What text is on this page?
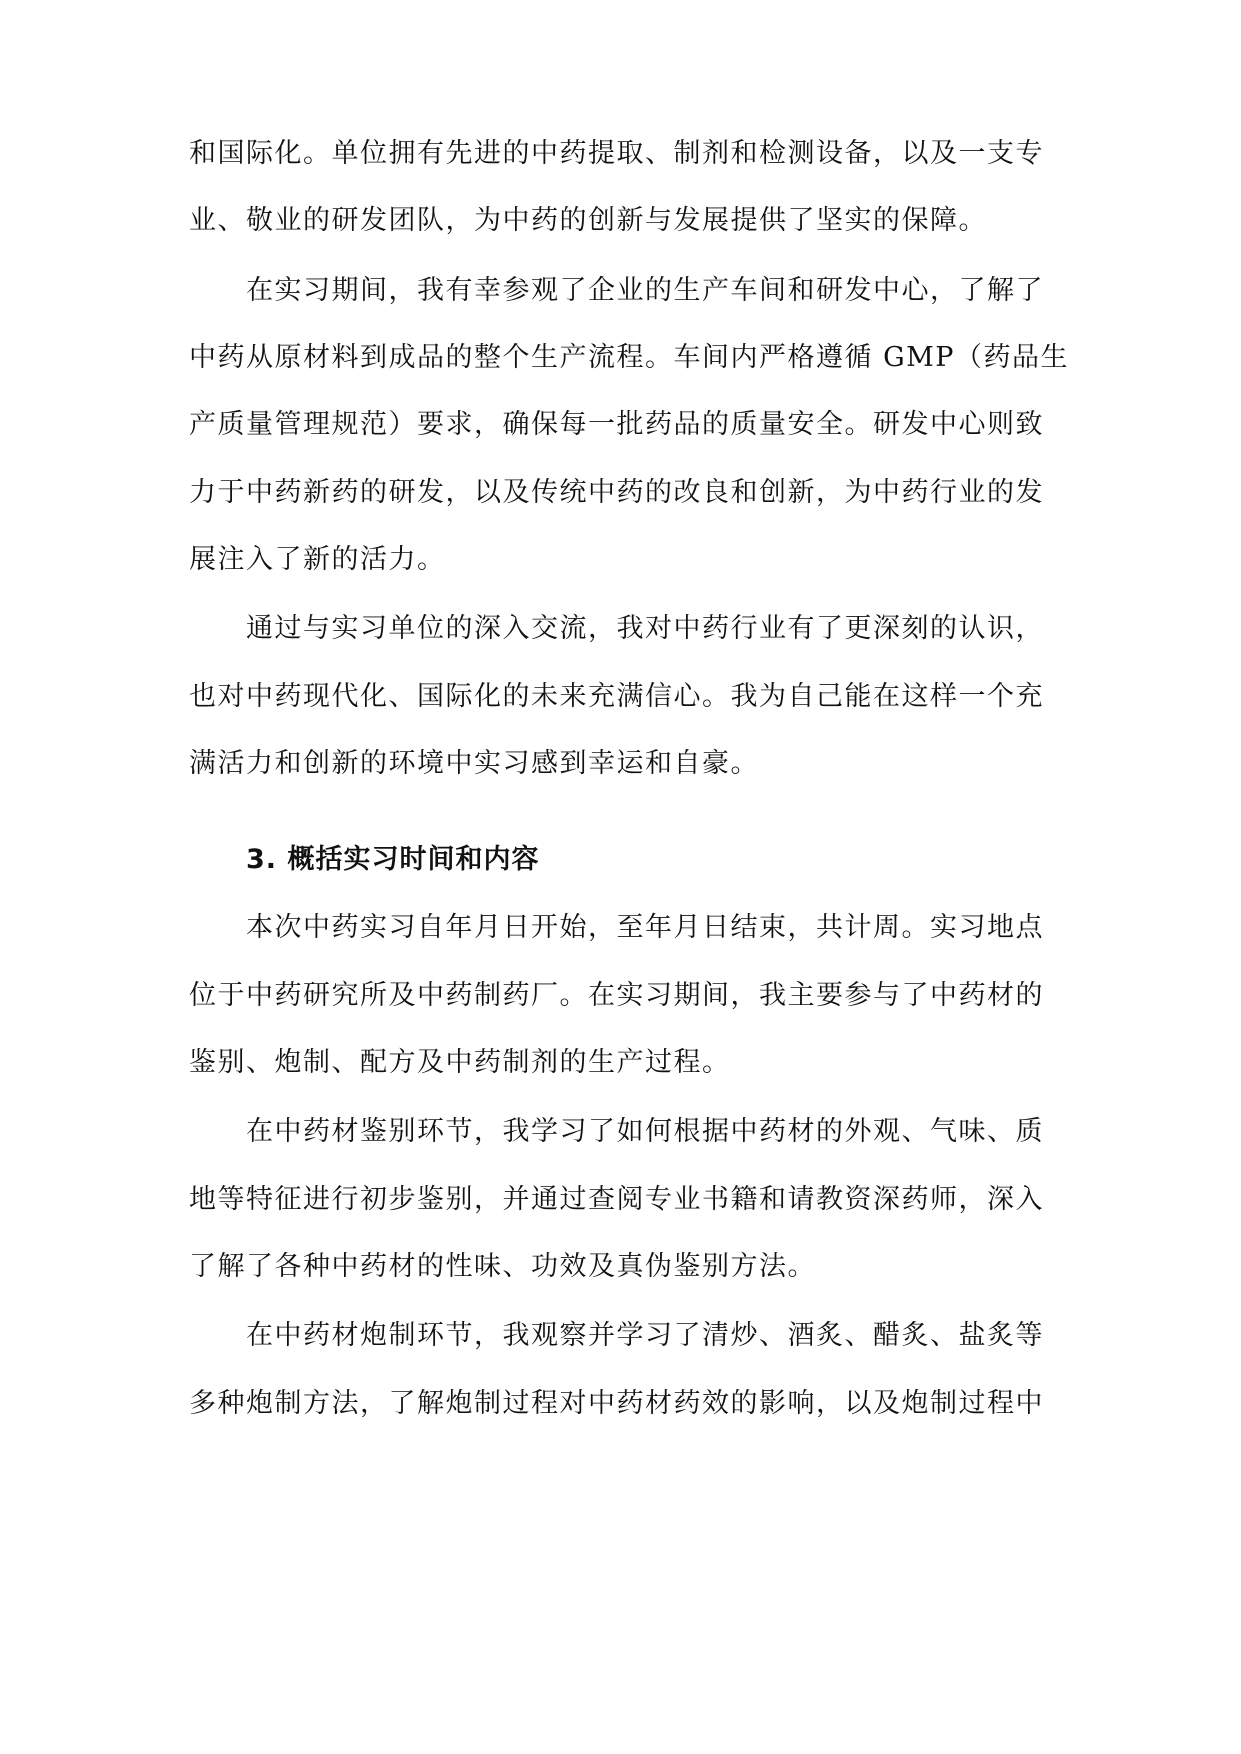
和国际化。单位拥有先进的中药提取、制剂和检测设备，以及一支专
业、敬业的研发团队，为中药的创新与发展提供了坚实的保障。
在实习期间，我有幸参观了企业的生产车间和研发中心，了解了
中药从原材料到成品的整个生产流程。车间内严格遵循 GMP（药品生
产质量管理规范）要求，确保每一批药品的质量安全。研发中心则致
力于中药新药的研发，以及传统中药的改良和创新，为中药行业的发
展注入了新的活力。
通过与实习单位的深入交流，我对中药行业有了更深刻的认识，
也对中药现代化、国际化的未来充满信心。我为自己能在这样一个充
满活力和创新的环境中实习感到幸运和自豪。
3. 概括实习时间和内容
本次中药实习自年月日开始，至年月日结束，共计周。实习地点
位于中药研究所及中药制药厂。在实习期间，我主要参与了中药材的
鉴别、炮制、配方及中药制剂的生产过程。
在中药材鉴别环节，我学习了如何根据中药材的外观、气味、质
地等特征进行初步鉴别，并通过查阅专业书籍和请教资深药师，深入
了解了各种中药材的性味、功效及真伪鉴别方法。
在中药材炮制环节，我观察并学习了清炒、酒炙、醋炙、盐炙等
多种炮制方法，了解炮制过程对中药材药效的影响，以及炮制过程中
